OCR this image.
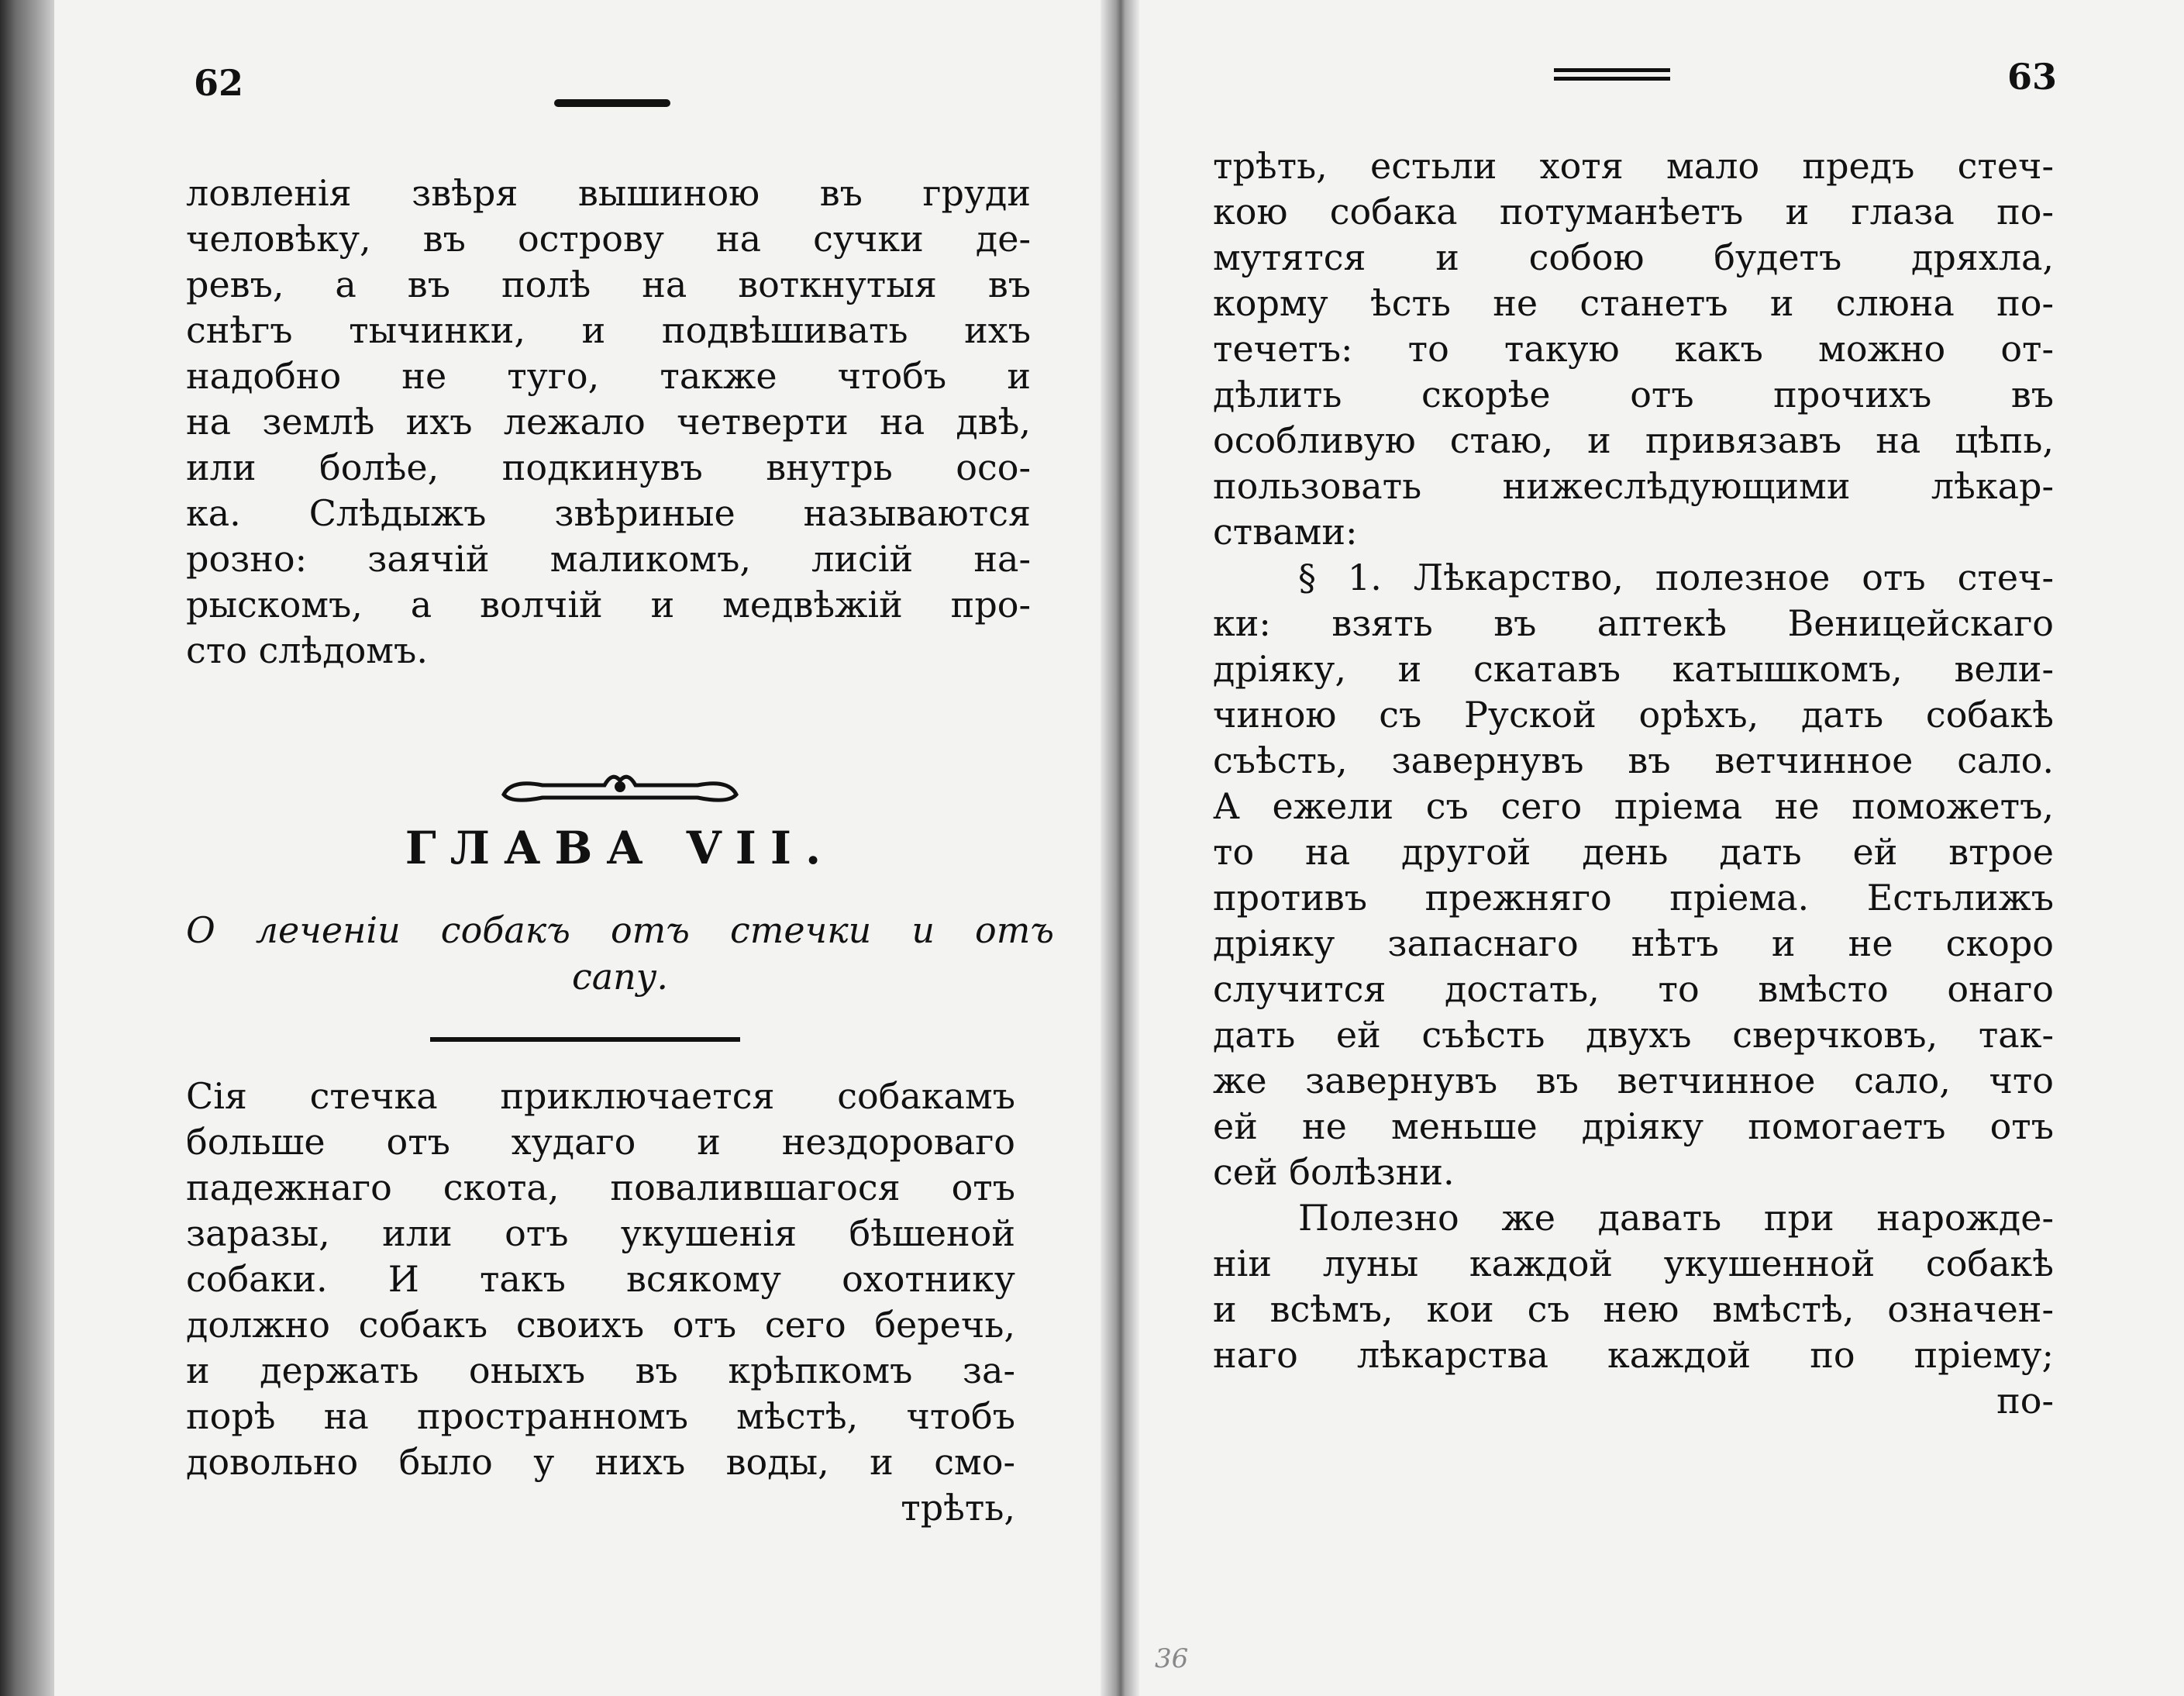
62
ловленія звѣря вышиною въ груди
человѣку, въ острову на сучки де-
ревъ, а въ полѣ на воткнутыя въ
снѣгъ тычинки, и подвѣшивать ихъ
надобно не туго, также чтобъ и
на землѣ ихъ лежало четверти на двѣ,
или болѣе, подкинувъ внутрь осо-
ка. Слѣдыжъ звѣриные называются
розно: заячій маликомъ, лисій на-
рыскомъ, а волчій и медвѣжій про-
сто слѣдомъ.
ГЛАВА VII.
О леченіи собакъ отъ стечки и отъ
сапу.
Сія стечка приключается собакамъ
больше отъ худаго и нездороваго
падежнаго скота, повалившагося отъ
заразы, или отъ укушенія бѣшеной
собаки. И такъ всякому охотнику
должно собакъ своихъ отъ сего беречь,
и держать оныхъ въ крѣпкомъ за-
порѣ на пространномъ мѣстѣ, чтобъ
довольно было у нихъ воды, и смо-
трѣть,
63
трѣть, естьли хотя мало предъ стеч-
кою собака потуманѣетъ и глаза по-
мутятся и собою будетъ дряхла,
корму ѣсть не станетъ и слюна по-
течетъ: то такую какъ можно от-
дѣлить скорѣе отъ прочихъ въ
особливую стаю, и привязавъ на цѣпь,
пользовать нижеслѣдующими лѣкар-
ствами:
§ 1. Лѣкарство, полезное отъ стеч-
ки: взять въ аптекѣ Веницейскаго
дріяку, и скатавъ катышкомъ, вели-
чиною съ Руской орѣхъ, дать собакѣ
съѣсть, завернувъ въ ветчинное сало.
А ежели съ сего пріема не поможетъ,
то на другой день дать ей втрое
противъ прежняго пріема. Естьлижъ
дріяку запаснаго нѣтъ и не скоро
случится достать, то вмѣсто онаго
дать ей съѣсть двухъ сверчковъ, так-
же завернувъ въ ветчинное сало, что
ей не меньше дріяку помогаетъ отъ
сей болѣзни.
Полезно же давать при нарожде-
ніи луны каждой укушенной собакѣ
и всѣмъ, кои съ нею вмѣстѣ, означен-
наго лѣкарства каждой по пріему;
по-
36
